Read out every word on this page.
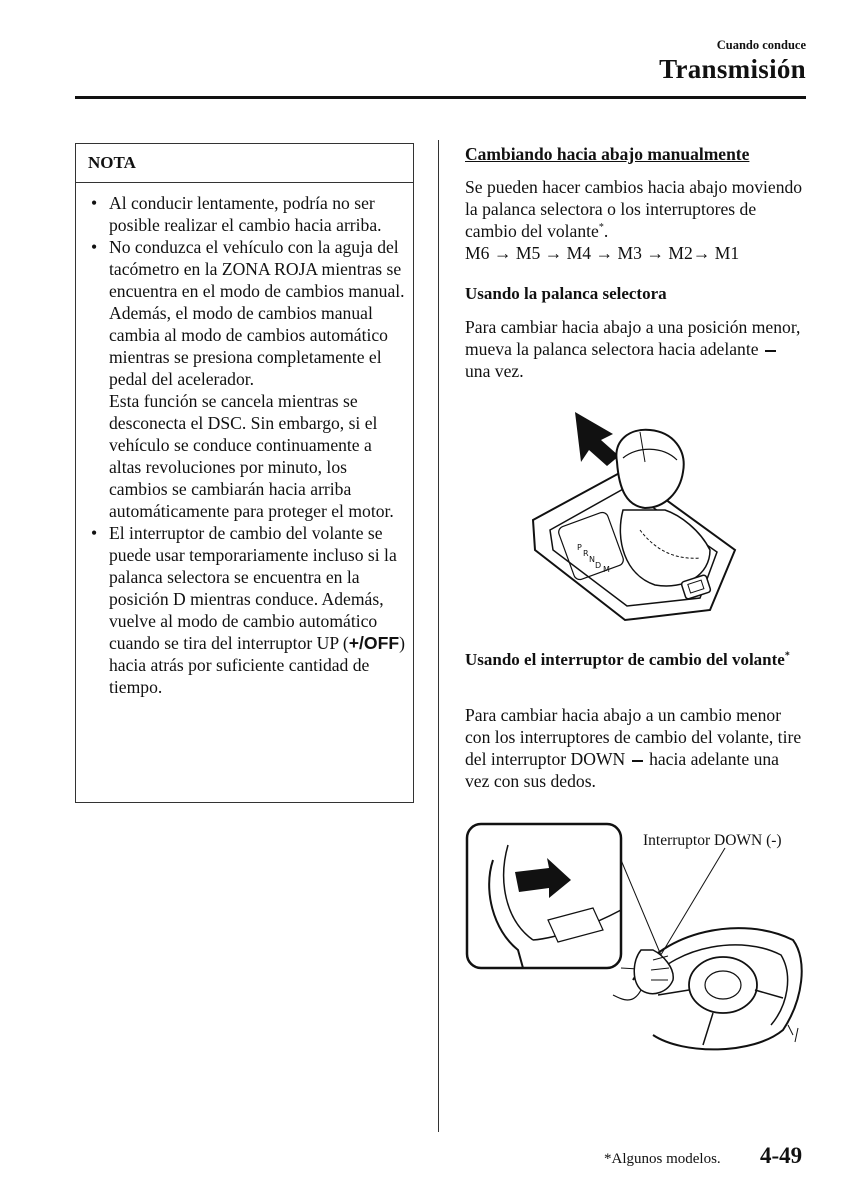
Cuando conduce
Transmisión
NOTA
• Al conducir lentamente, podría no ser posible realizar el cambio hacia arriba.

• No conduzca el vehículo con la aguja del tacómetro en la ZONA ROJA mientras se encuentra en el modo de cambios manual. Además, el modo de cambios manual cambia al modo de cambios automático mientras se presiona completamente el pedal del acelerador.

Esta función se cancela mientras se desconecta el DSC. Sin embargo, si el vehículo se conduce continuamente a altas revoluciones por minuto, los cambios se cambiarán hacia arriba automáticamente para proteger el motor.

• El interruptor de cambio del volante se puede usar temporariamente incluso si la palanca selectora se encuentra en la posición D mientras conduce. Además, vuelve al modo de cambio automático cuando se tira del interruptor UP (+/OFF) hacia atrás por suficiente cantidad de tiempo.

Cambiando hacia abajo manualmente

Se pueden hacer cambios hacia abajo moviendo la palanca selectora o los interruptores de cambio del volante*.

M6 → M5 → M4 → M3 → M2→ M1
Usando la palanca selectora

Para cambiar hacia abajo a una posición menor, mueva la palanca selectora hacia adelante  una vez.

P
R
N
D M
Usando el interruptor de cambio del volante*

Para cambiar hacia abajo a un cambio menor con los interruptores de cambio del volante, tire del interruptor DOWN hacia adelante una vez con sus dedos.

Interruptor DOWN (-)
*Algunos modelos. 4-49
